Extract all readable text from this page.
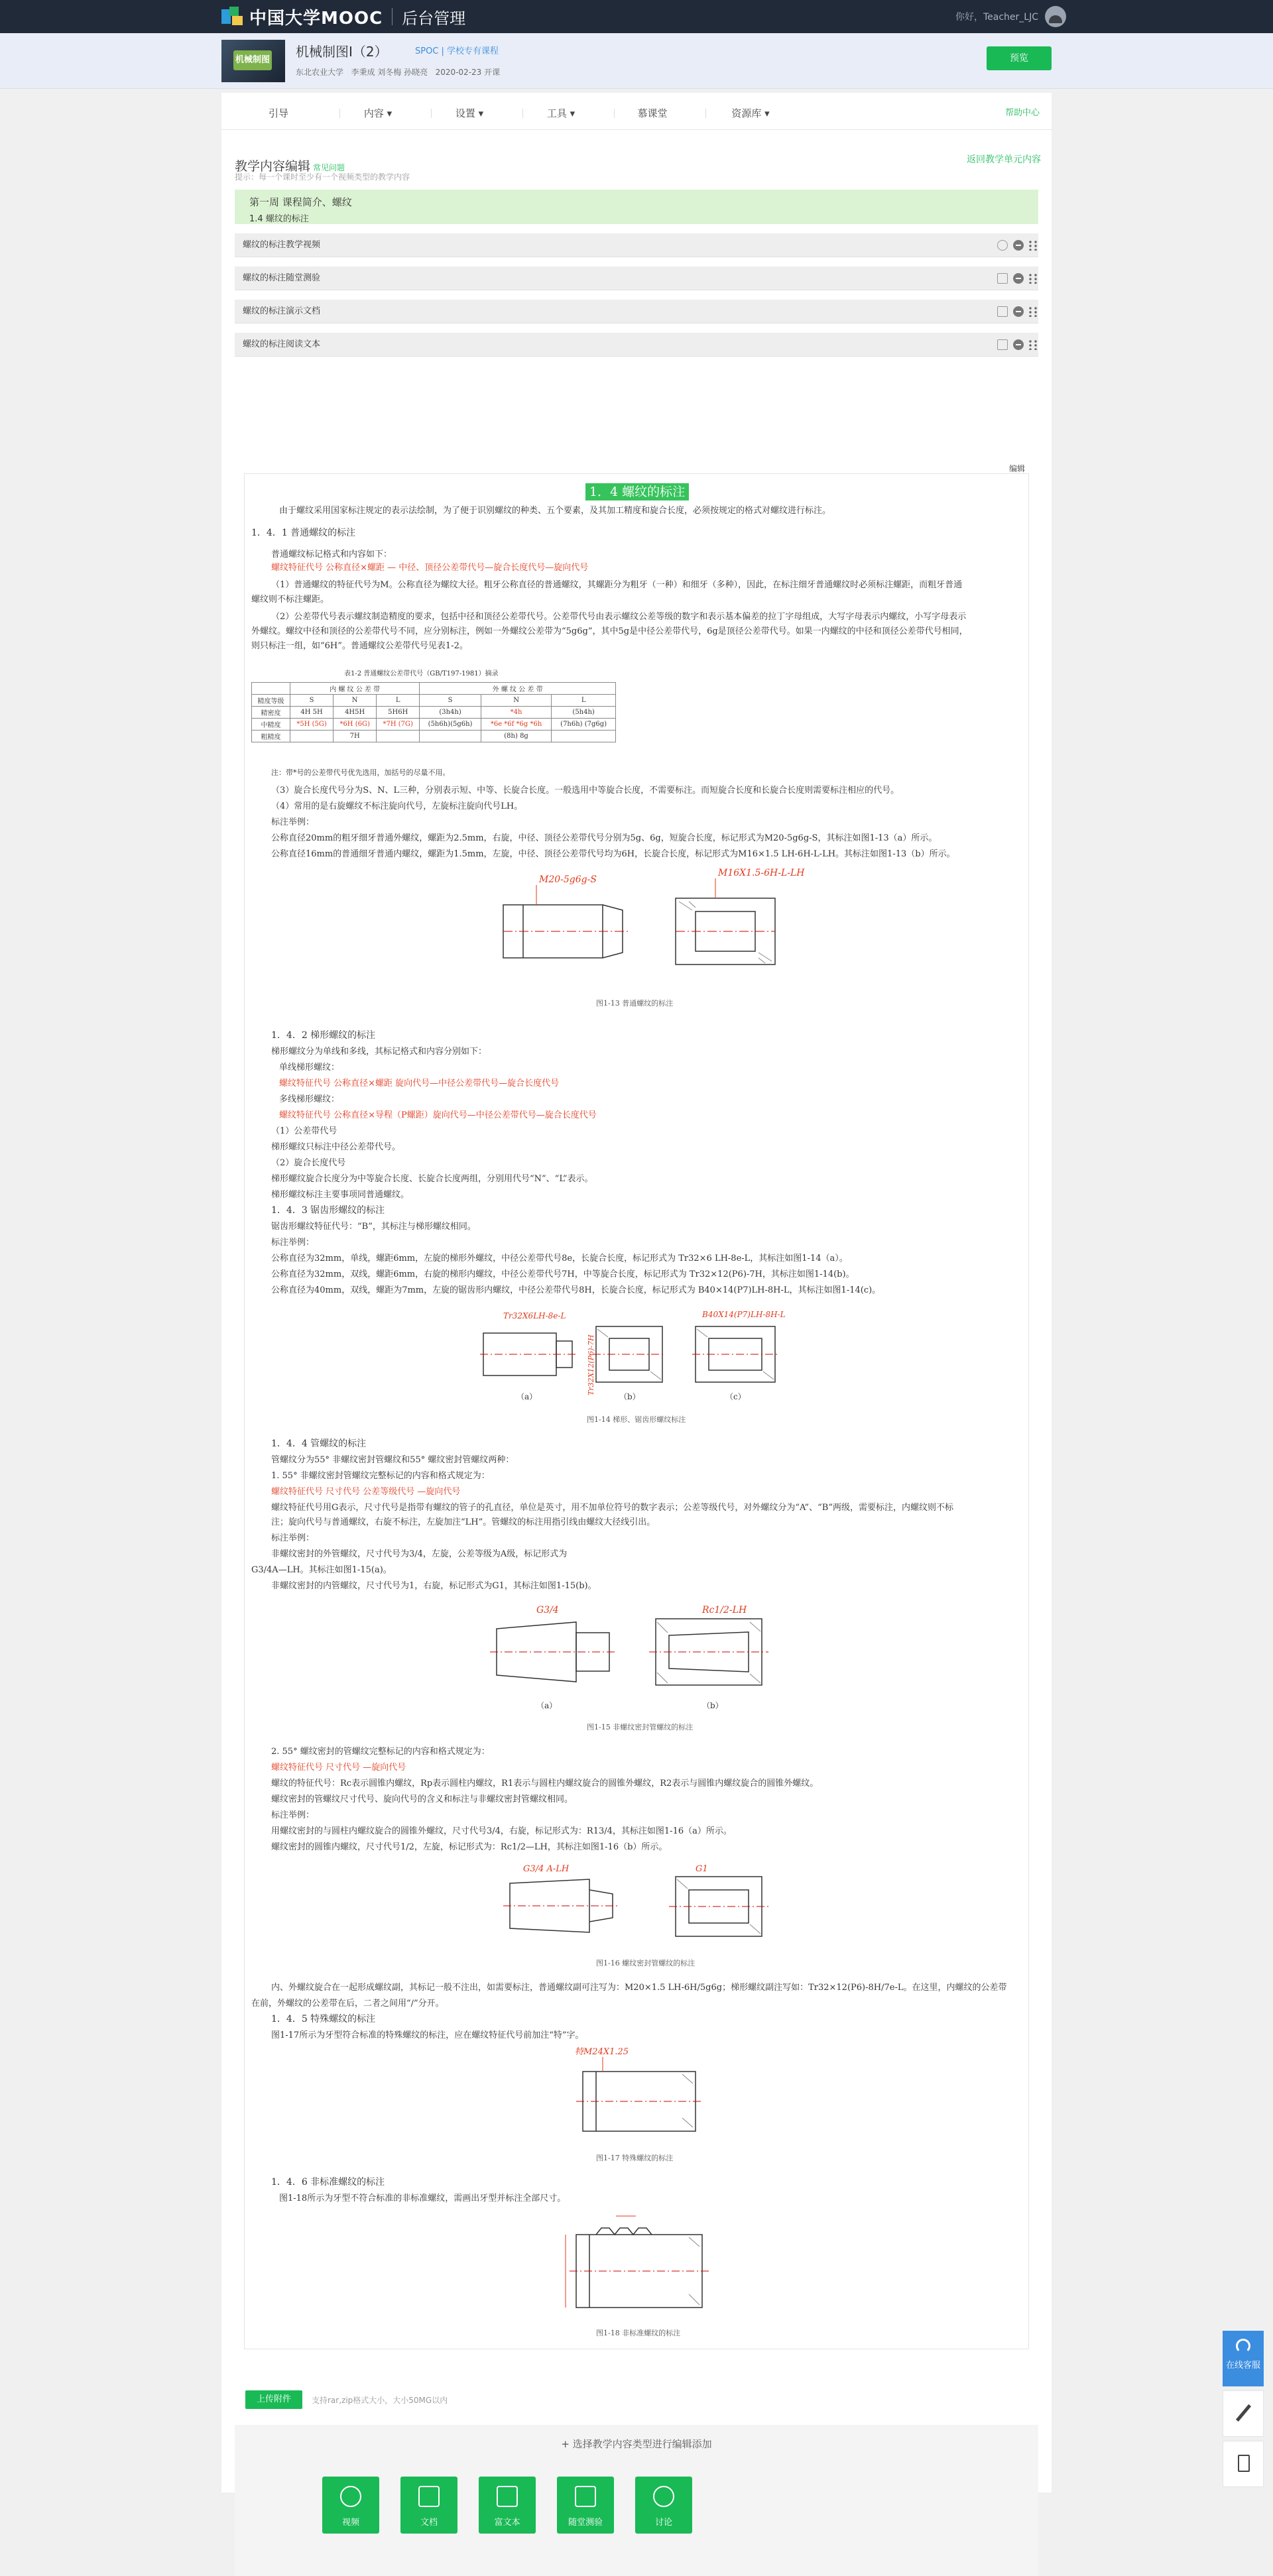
中国大学MOOC 后台管理	你好，Teacher_LJC
机械制图
机械制图Ⅰ（2）	SPOC | 学校专有课程
东北农业大学 李秉成 刘冬梅 孙晓亮 2020-02-23 开课
预览
引导	内容 ▾	设置 ▾	工具 ▾	慕课堂	资源库 ▾	帮助中心
教学内容编辑 常见问题
提示：每一个课时至少有一个视频类型的教学内容
返回教学单元内容
第一周 课程简介、螺纹
1.4 螺纹的标注
螺纹的标注教学视频
螺纹的标注随堂测验
螺纹的标注演示文档
螺纹的标注阅读文本
编辑
1．4 螺纹的标注
由于螺纹采用国家标注规定的表示法绘制，为了便于识别螺纹的种类、五个要素，及其加工精度和旋合长度，必须按规定的格式对螺纹进行标注。
1．4．1 普通螺纹的标注
普通螺纹标记格式和内容如下：
螺纹特征代号 公称直径×螺距 — 中径、顶径公差带代号—旋合长度代号—旋向代号
（1）普通螺纹的特征代号为M。公称直径为螺纹大径。粗牙公称直径的普通螺纹，其螺距分为粗牙（一种）和细牙（多种），因此，在标注细牙普通螺纹时必须标注螺距，而粗牙普通
螺纹则不标注螺距。
（2）公差带代号表示螺纹制造精度的要求，包括中径和顶径公差带代号。公差带代号由表示螺纹公差等级的数字和表示基本偏差的拉丁字母组成，大写字母表示内螺纹，小写字母表示
外螺纹。螺纹中径和顶径的公差带代号不同，应分别标注，例如一外螺纹公差带为“5g6g”，其中5g是中径公差带代号，6g是顶径公差带代号。如果一内螺纹的中径和顶径公差带代号相同，
则只标注一组，如“6H”。普通螺纹公差带代号见表1-2。
表1-2 普通螺纹公差带代号（GB/T197-1981）摘录
	内 螺 纹 公 差 带			外 螺 纹 公 差 带		
精度等级	S	N	L	S	N	L
精密度	4H 5H	4H5H	5H6H	(3h4h)	*4h	(5h4h)
中精度	*5H (5G)	*6H (6G)	*7H (7G)	(5h6h)(5g6h)	*6e *6f *6g *6h	(7h6h) (7g6g)
粗精度		7H			(8h) 8g	
注：带*号的公差带代号优先选用，加括号的尽量不用。
（3）旋合长度代号分为S、N、L三种，分别表示短、中等、长旋合长度。一般选用中等旋合长度，不需要标注。而短旋合长度和长旋合长度则需要标注相应的代号。
（4）常用的是右旋螺纹不标注旋向代号，左旋标注旋向代号LH。
标注举例：
公称直径20mm的粗牙细牙普通外螺纹，螺距为2.5mm，右旋，中径、顶径公差带代号分别为5g、6g，短旋合长度，标记形式为M20-5g6g-S，其标注如图1-13（a）所示。
公称直径16mm的普通细牙普通内螺纹，螺距为1.5mm，左旋，中径、顶径公差带代号均为6H，长旋合长度，标记形式为M16×1.5 LH-6H-L-LH。其标注如图1-13（b）所示。
M20-5g6g-S
M16X1.5-6H-L-LH
图1-13 普通螺纹的标注
1．4．2 梯形螺纹的标注
梯形螺纹分为单线和多线，其标记格式和内容分别如下：
单线梯形螺纹：
螺纹特征代号 公称直径×螺距 旋向代号—中径公差带代号—旋合长度代号
多线梯形螺纹：
螺纹特征代号 公称直径×导程（P螺距）旋向代号—中径公差带代号—旋合长度代号
（1）公差带代号
梯形螺纹只标注中径公差带代号。
（2）旋合长度代号
梯形螺纹旋合长度分为中等旋合长度、长旋合长度两组，分别用代号“N”、“L”表示。
梯形螺纹标注主要事项同普通螺纹。
1．4．3 锯齿形螺纹的标注
锯齿形螺纹特征代号：“B”，其标注与梯形螺纹相同。
标注举例：
公称直径为32mm，单线，螺距6mm，左旋的梯形外螺纹，中径公差带代号8e，长旋合长度，标记形式为 Tr32×6 LH-8e-L，其标注如图1-14（a）。
公称直径为32mm，双线，螺距6mm，右旋的梯形内螺纹，中径公差带代号7H，中等旋合长度，标记形式为 Tr32×12(P6)-7H，其标注如图1-14(b)。
公称直径为40mm，双线，螺距为7mm，左旋的锯齿形内螺纹，中径公差带代号8H，长旋合长度，标记形式为 B40×14(P7)LH-8H-L，其标注如图1-14(c)。
Tr32X6LH-8e-L
Tr32X12(P6)-7H
B40X14(P7)LH-8H-L
（a）	（b）	（c）
图1-14 梯形、锯齿形螺纹标注
1．4．4 管螺纹的标注
管螺纹分为55° 非螺纹密封管螺纹和55° 螺纹密封管螺纹两种：
1. 55° 非螺纹密封管螺纹完整标记的内容和格式规定为：
螺纹特征代号 尺寸代号 公差等级代号 —旋向代号
螺纹特征代号用G表示，尺寸代号是指带有螺纹的管子的孔直径，单位是英寸，用不加单位符号的数字表示；公差等级代号，对外螺纹分为“A”、“B”两级，需要标注，内螺纹则不标
注；旋向代号与普通螺纹，右旋不标注，左旋加注“LH”。管螺纹的标注用指引线由螺纹大径线引出。
标注举例：
非螺纹密封的外管螺纹，尺寸代号为3/4，左旋，公差等级为A级，标记形式为
G3/4A—LH。其标注如图1-15(a)。
非螺纹密封的内管螺纹，尺寸代号为1，右旋，标记形式为G1，其标注如图1-15(b)。
G3/4	Rc1/2-LH
（a）	（b）
图1-15 非螺纹密封管螺纹的标注
2. 55° 螺纹密封的管螺纹完整标记的内容和格式规定为：
螺纹特征代号 尺寸代号 —旋向代号
螺纹的特征代号：Rc表示圆锥内螺纹，Rp表示圆柱内螺纹，R1表示与圆柱内螺纹旋合的圆锥外螺纹，R2表示与圆锥内螺纹旋合的圆锥外螺纹。
螺纹密封的管螺纹尺寸代号、旋向代号的含义和标注与非螺纹密封管螺纹相同。
标注举例：
用螺纹密封的与圆柱内螺纹旋合的圆锥外螺纹，尺寸代号3/4，右旋，标记形式为：R13/4，其标注如图1-16（a）所示。
螺纹密封的圆锥内螺纹，尺寸代号1/2，左旋，标记形式为：Rc1/2—LH，其标注如图1-16（b）所示。
G3/4 A-LH	G1
图1-16 螺纹密封管螺纹的标注
内、外螺纹旋合在一起形成螺纹副，其标记一般不注出，如需要标注，普通螺纹副可注写为：M20×1.5 LH-6H/5g6g；梯形螺纹副注写如：Tr32×12(P6)-8H/7e-L。在这里，内螺纹的公差带
在前，外螺纹的公差带在后，二者之间用“/”分开。
1．4．5 特殊螺纹的标注
图1-17所示为牙型符合标准的特殊螺纹的标注，应在螺纹特征代号前加注“特”字。
特M24X1.25
图1-17 特殊螺纹的标注
1．4．6 非标准螺纹的标注
图1-18所示为牙型不符合标准的非标准螺纹，需画出牙型并标注全部尺寸。
图1-18 非标准螺纹的标注
上传附件	支持rar,zip格式大小，大小50MG以内
+ 选择教学内容类型进行编辑添加
视频	文档	富文本	随堂测验	讨论
在线客服
